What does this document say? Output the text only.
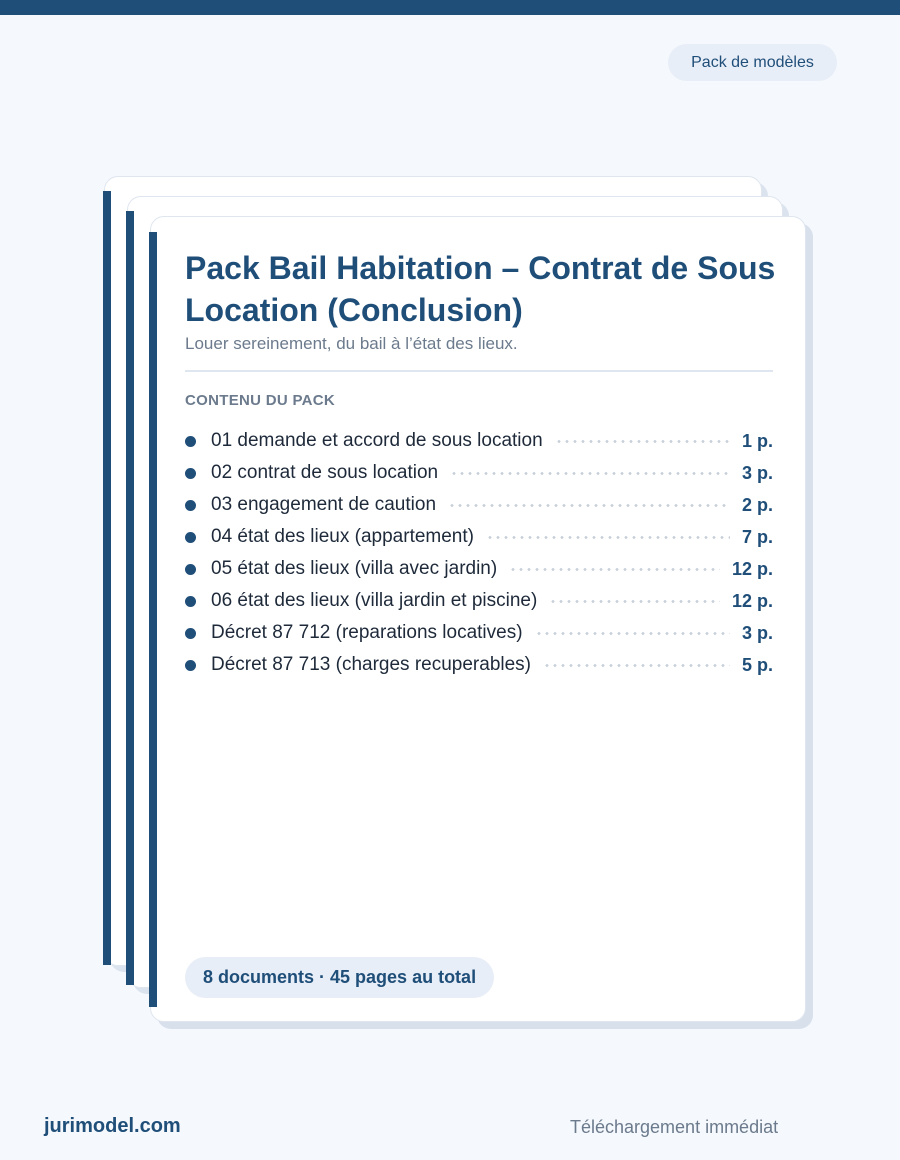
Pack de modèles
Pack Bail Habitation – Contrat de Sous Location (Conclusion)
Louer sereinement, du bail à l’état des lieux.
CONTENU DU PACK
01 demande et accord de sous location	1 p.
02 contrat de sous location	3 p.
03 engagement de caution	2 p.
04 état des lieux (appartement)	7 p.
05 état des lieux (villa avec jardin)	12 p.
06 état des lieux (villa jardin et piscine)	12 p.
Décret 87 712 (reparations locatives)	3 p.
Décret 87 713 (charges recuperables)	5 p.
8 documents · 45 pages au total
jurimodel.com	Téléchargement immédiat
